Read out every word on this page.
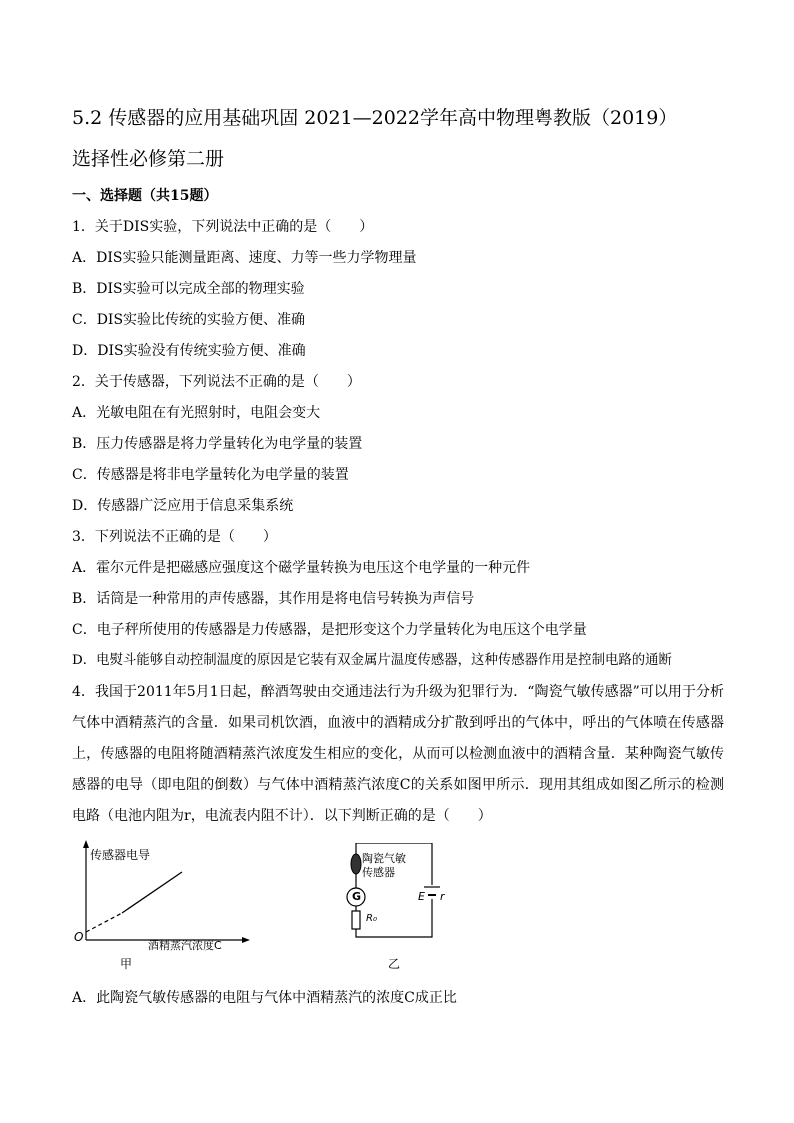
5.2 传感器的应用基础巩固 2021—2022学年高中物理粤教版（2019）
选择性必修第二册
一、选择题（共15题）
1．关于DIS实验，下列说法中正确的是（　　）
A．DIS实验只能测量距离、速度、力等一些力学物理量
B．DIS实验可以完成全部的物理实验
C．DIS实验比传统的实验方便、准确
D．DIS实验没有传统实验方便、准确
2．关于传感器，下列说法不正确的是（　　）
A．光敏电阻在有光照射时，电阻会变大
B．压力传感器是将力学量转化为电学量的装置
C．传感器是将非电学量转化为电学量的装置
D．传感器广泛应用于信息采集系统
3．下列说法不正确的是（　　）
A．霍尔元件是把磁感应强度这个磁学量转换为电压这个电学量的一种元件
B．话筒是一种常用的声传感器，其作用是将电信号转换为声信号
C．电子秤所使用的传感器是力传感器，是把形变这个力学量转化为电压这个电学量
D．电熨斗能够自动控制温度的原因是它装有双金属片温度传感器，这种传感器作用是控制电路的通断
4．我国于2011年5月1日起，醉酒驾驶由交通违法行为升级为犯罪行为．“陶瓷气敏传感器”可以用于分析气体中酒精蒸汽的含量．如果司机饮酒，血液中的酒精成分扩散到呼出的气体中，呼出的气体喷在传感器上，传感器的电阻将随酒精蒸汽浓度发生相应的变化，从而可以检测血液中的酒精含量．某种陶瓷气敏传感器的电导（即电阻的倒数）与气体中酒精蒸汽浓度C的关系如图甲所示．现用其组成如图乙所示的检测电路（电池内阻为r，电流表内阻不计）．以下判断正确的是（　　）
传感器电导
O
酒精蒸汽浓度C
甲
陶瓷气敏
传感器
G
R₀
E r
乙
A．此陶瓷气敏传感器的电阻与气体中酒精蒸汽的浓度C成正比
